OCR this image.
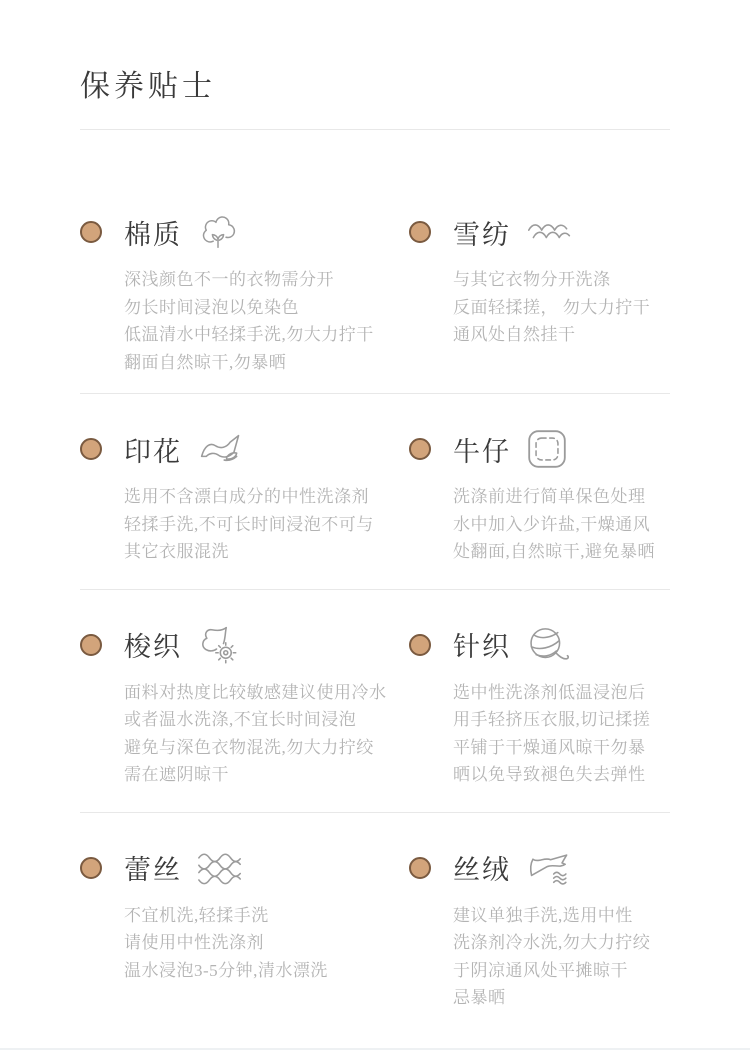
保养贴士
棉质
深浅颜色不一的衣物需分开
勿长时间浸泡以免染色
低温清水中轻揉手洗,勿大力拧干
翻面自然晾干,勿暴晒
雪纺
与其它衣物分开洗涤
反面轻揉搓， 勿大力拧干
通风处自然挂干
印花
选用不含漂白成分的中性洗涤剂
轻揉手洗,不可长时间浸泡不可与
其它衣服混洗
牛仔
洗涤前进行简单保色处理
水中加入少许盐,干燥通风
处翻面,自然晾干,避免暴晒
梭织
面料对热度比较敏感建议使用冷水
或者温水洗涤,不宜长时间浸泡
避免与深色衣物混洗,勿大力拧绞
需在遮阴晾干
针织
选中性洗涤剂低温浸泡后
用手轻挤压衣服,切记揉搓
平铺于干燥通风晾干勿暴
晒以免导致褪色失去弹性
蕾丝
不宜机洗,轻揉手洗
请使用中性洗涤剂
温水浸泡3-5分钟,清水漂洗
丝绒
建议单独手洗,选用中性
洗涤剂冷水洗,勿大力拧绞
于阴凉通风处平摊晾干
忌暴晒
